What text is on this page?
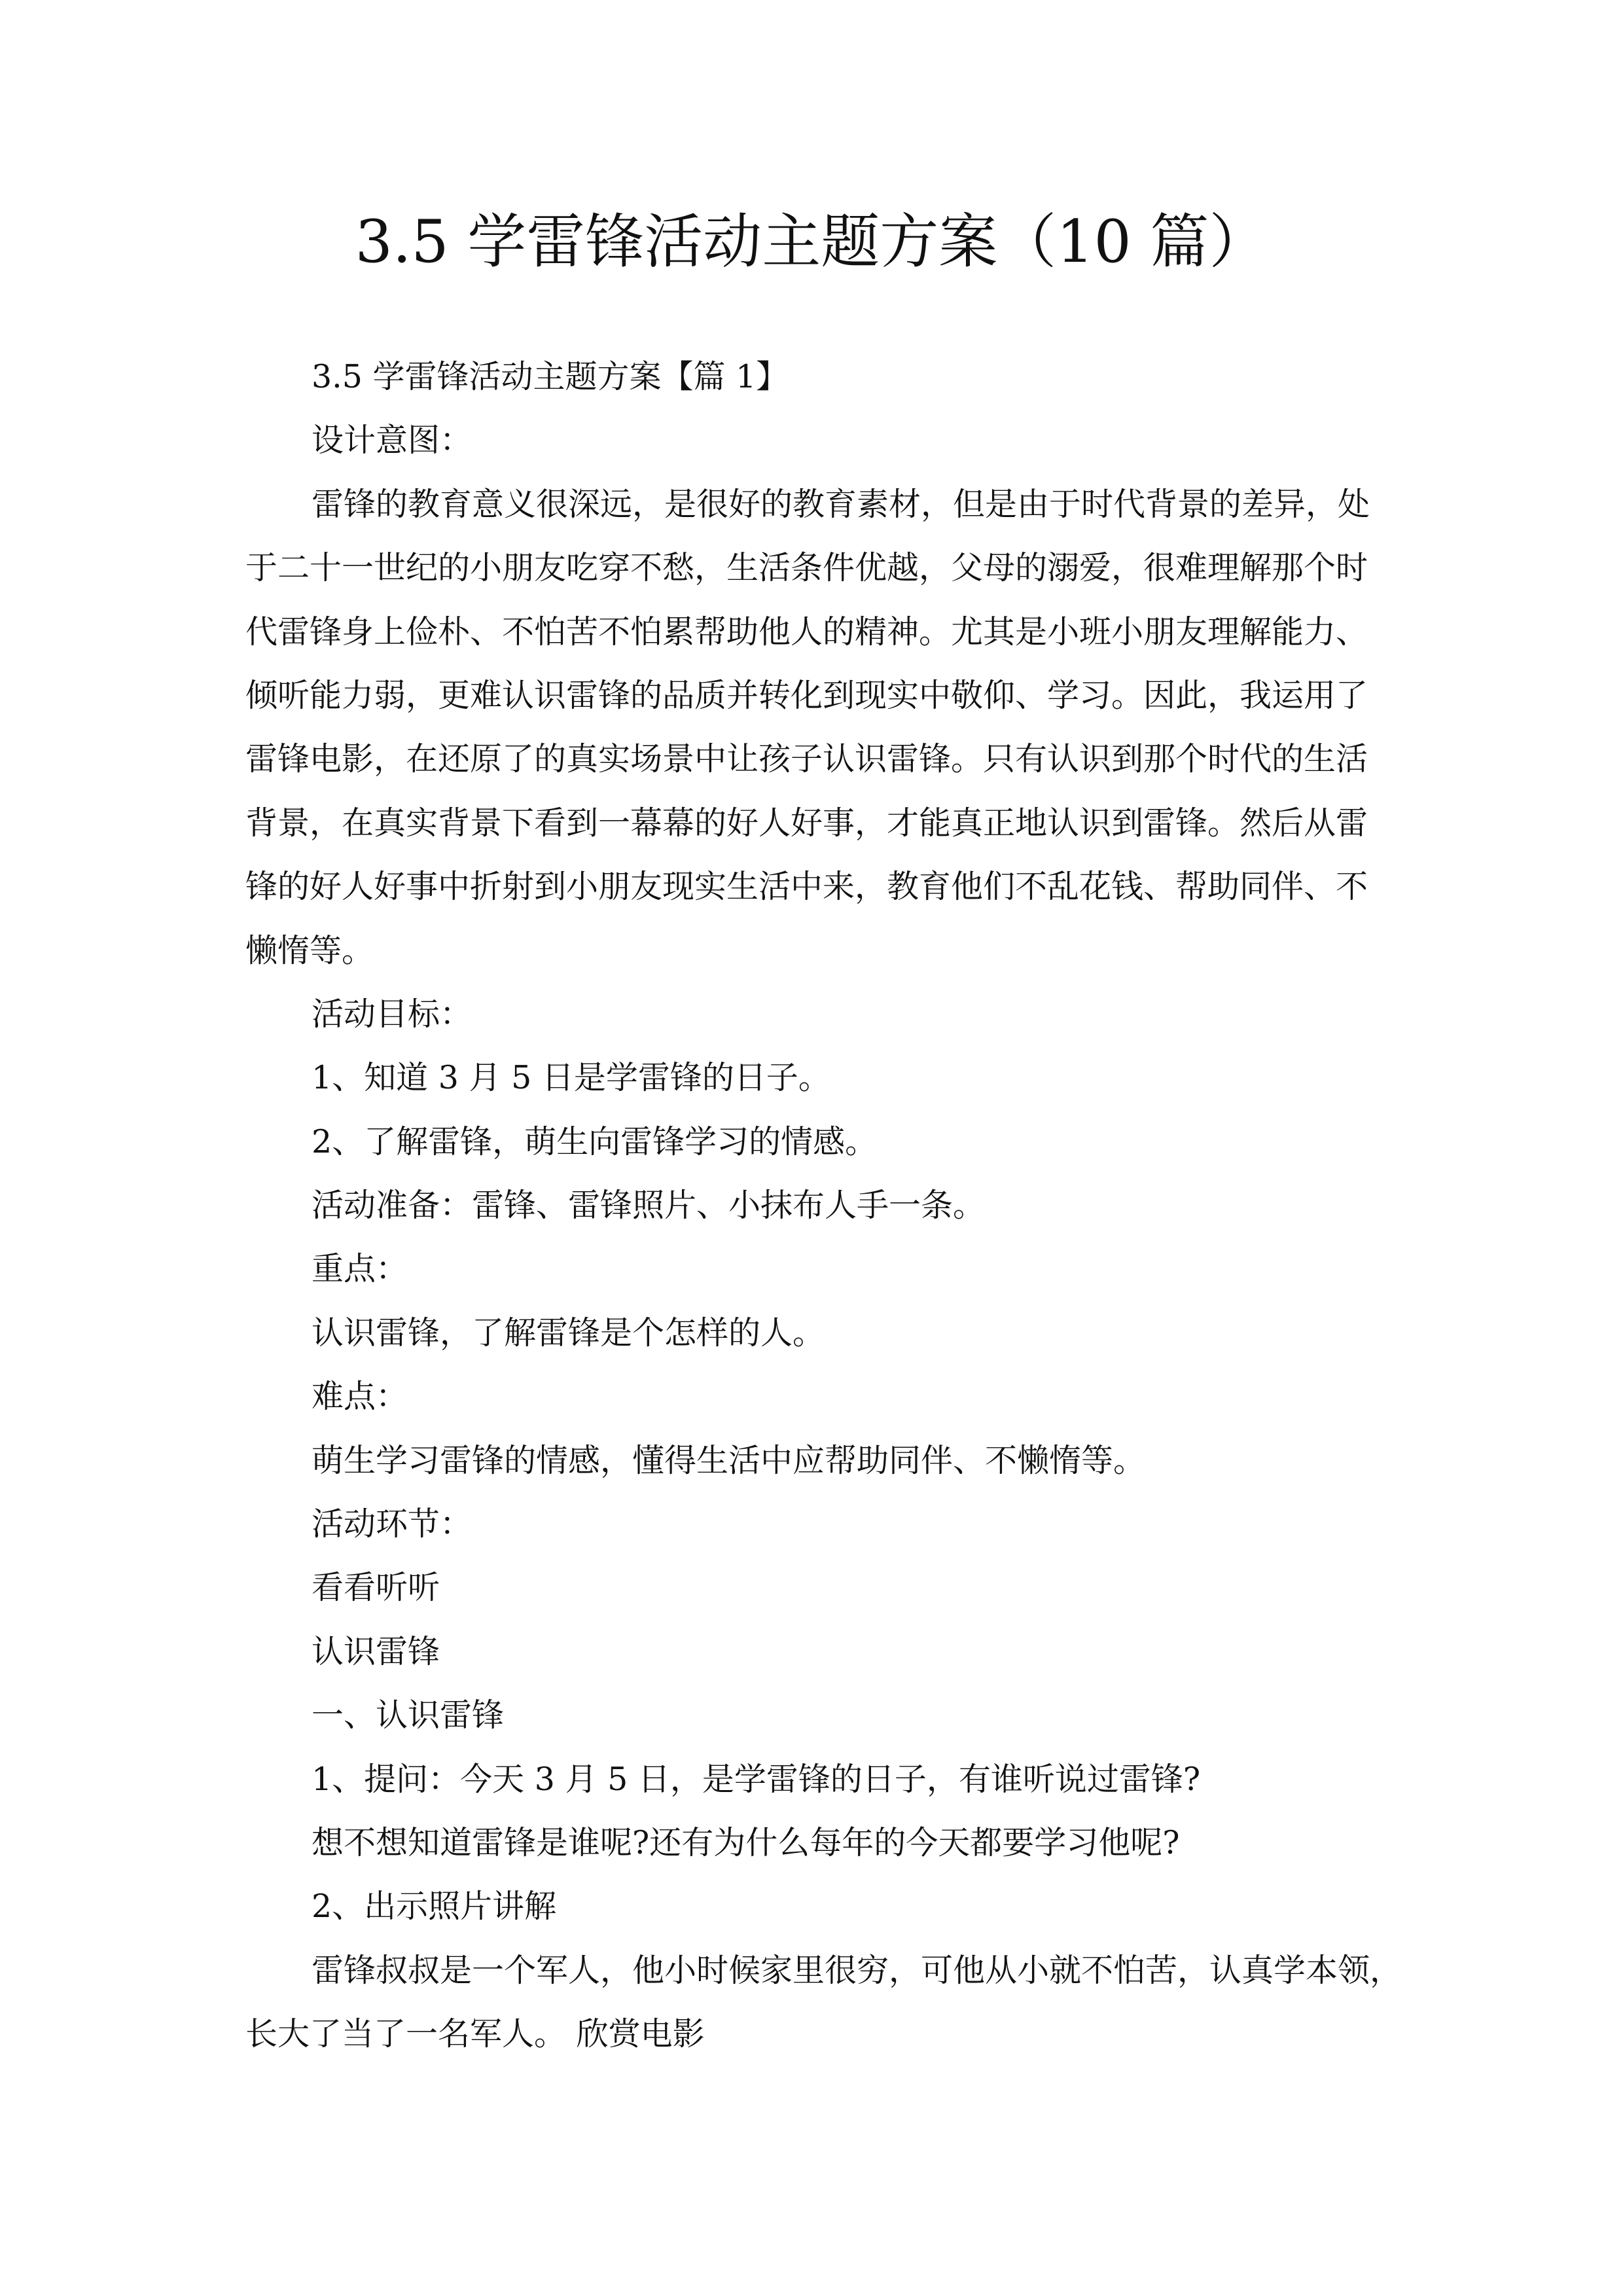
3.5 学雷锋活动主题方案（10 篇）
3.5 学雷锋活动主题方案【篇 1】
设计意图：
雷锋的教育意义很深远，是很好的教育素材，但是由于时代背景的差异，处
于二十一世纪的小朋友吃穿不愁，生活条件优越，父母的溺爱，很难理解那个时
代雷锋身上俭朴、不怕苦不怕累帮助他人的精神。尤其是小班小朋友理解能力、
倾听能力弱，更难认识雷锋的品质并转化到现实中敬仰、学习。因此，我运用了
雷锋电影，在还原了的真实场景中让孩子认识雷锋。只有认识到那个时代的生活
背景，在真实背景下看到一幕幕的好人好事，才能真正地认识到雷锋。然后从雷
锋的好人好事中折射到小朋友现实生活中来，教育他们不乱花钱、帮助同伴、不
懒惰等。
活动目标：
1、知道 3 月 5 日是学雷锋的日子。
2、了解雷锋，萌生向雷锋学习的情感。
活动准备：雷锋、雷锋照片、小抹布人手一条。
重点：
认识雷锋，了解雷锋是个怎样的人。
难点：
萌生学习雷锋的情感，懂得生活中应帮助同伴、不懒惰等。
活动环节：
看看听听
认识雷锋
一、认识雷锋
1、提问：今天 3 月 5 日，是学雷锋的日子，有谁听说过雷锋?
想不想知道雷锋是谁呢?还有为什么每年的今天都要学习他呢?
2、出示照片讲解
雷锋叔叔是一个军人，他小时候家里很穷，可他从小就不怕苦，认真学本领，
长大了当了一名军人。 欣赏电影
